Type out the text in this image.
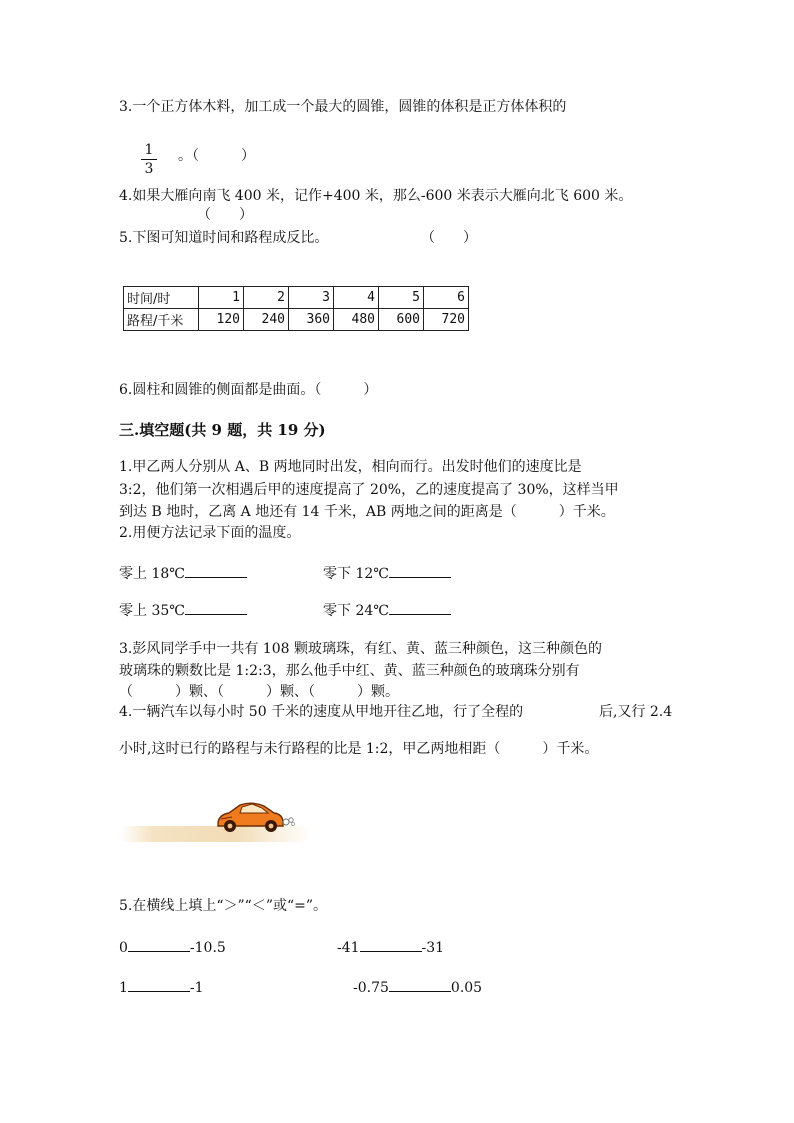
3.一个正方体木料，加工成一个最大的圆锥，圆锥的体积是正方体体积的
1
3
。（　　　）
4.如果大雁向南飞 400 米，记作+400 米，那么-600 米表示大雁向北飞 600 米。
（　　）
5.下图可知道时间和路程成反比。	（　　）
时间/时	1	2	3	4	5	6
路程/千米	120	240	360	480	600	720
6.圆柱和圆锥的侧面都是曲面。（　　　）
三.填空题(共 9 题，共 19 分)
1.甲乙两人分别从 A、B 两地同时出发，相向而行。出发时他们的速度比是
3:2，他们第一次相遇后甲的速度提高了 20%，乙的速度提高了 30%，这样当甲
到达 B 地时，乙离 A 地还有 14 千米，AB 两地之间的距离是（　　　）千米。
2.用便方法记录下面的温度。
零上 18℃	零下 12℃
零上 35℃	零下 24℃
3.彭风同学手中一共有 108 颗玻璃珠，有红、黄、蓝三种颜色，这三种颜色的
玻璃珠的颗数比是 1:2:3，那么他手中红、黄、蓝三种颜色的玻璃珠分别有
（　　　）颗、（　　　）颗、（　　　）颗。
4.一辆汽车以每小时 50 千米的速度从甲地开往乙地，行了全程的	后,又行 2.4
小时,这时已行的路程与未行路程的比是 1:2，甲乙两地相距（　　　）千米。
5.在横线上填上“＞”“＜”或“=”。
0	-10.5	-41	-31
1	-1	-0.75	0.05
